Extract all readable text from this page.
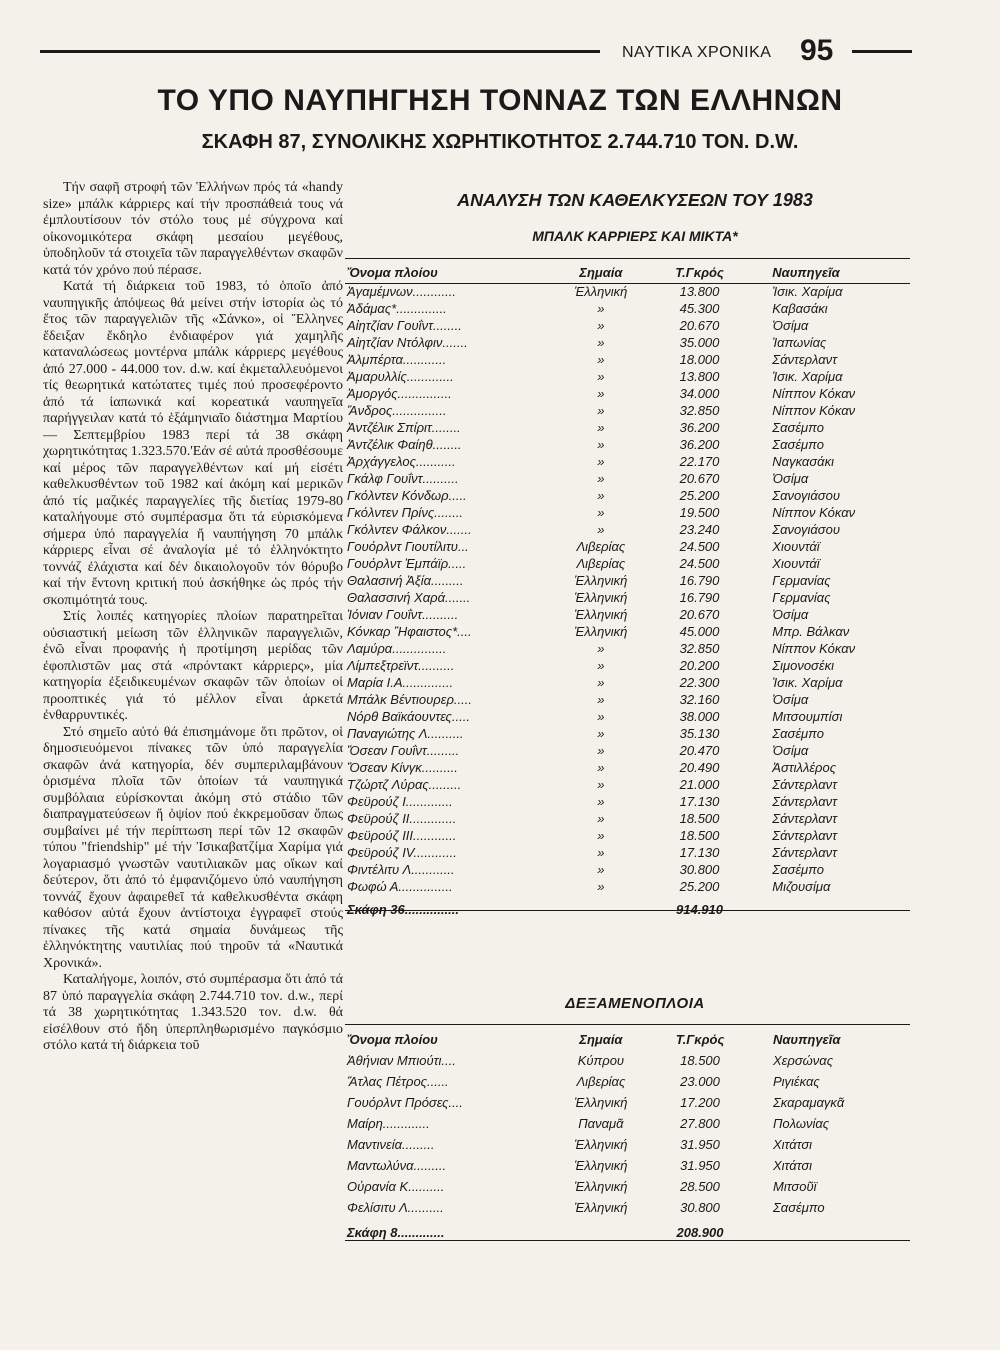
ΝΑΥΤΙΚΑ ΧΡΟΝΙΚΑ 95
ΤΟ ΥΠΟ ΝΑΥΠΗΓΗΣΗ ΤΟΝΝΑΖ ΤΩΝ ΕΛΛΗΝΩΝ
ΣΚΑΦΗ 87, ΣΥΝΟΛΙΚΗΣ ΧΩΡΗΤΙΚΟΤΗΤΟΣ 2.744.710 ΤΟΝ. D.W.

Τήν σαφῆ στροφή τῶν Ἑλλήνων πρός τά «handy size» μπάλκ κάρριερς καί τήν προσπάθειά τους νά ἐμπλουτίσουν τόν στόλο τους μέ σύγχρονα καί οἰκονομικότερα σκάφη μεσαίου μεγέθους, ὑποδηλοῦν τά στοιχεῖα τῶν παραγγελθέντων σκαφῶν κατά τόν χρόνο πού πέρασε.

Κατά τή διάρκεια τοῦ 1983, τό ὁποῖο ἀπό ναυπηγικῆς ἀπόψεως θά μείνει στήν ἱστορία ὡς τό ἔτος τῶν παραγγελιῶν τῆς «Σάνκο», οἱ Ἕλληνες ἔδειξαν ἔκδηλο ἐνδιαφέρον γιά χαμηλῆς καταναλώσεως μοντέρνα μπάλκ κάρριερς μεγέθους ἀπό 27.000 - 44.000 τον. d.w. καί ἐκμεταλλευόμενοι τίς θεωρητικά κατώτατες τιμές πού προσεφέροντο ἀπό τά ἰαπωνικά καί κορεατικά ναυπηγεῖα παρήγγειλαν κατά τό ἑξάμηνιαῖο διάστημα Μαρτίου — Σεπτεμβρίου 1983 περί τά 38 σκάφη χωρητικότητας 1.323.570.'Εάν σέ αὐτά προσθέσουμε καί μέρος τῶν παραγγελθέντων καί μή εἰσέτι καθελκυσθέντων τοῦ 1982 καί ἀκόμη καί μερικῶν ἀπό τίς μαζικές παραγγελίες τῆς διετίας 1979-80 καταλήγουμε στό συμπέρασμα ὅτι τά εὑρισκόμενα σήμερα ὑπό παραγγελία ἤ ναυπήγηση 70 μπάλκ κάρριερς εἶναι σέ ἀναλογία μέ τό ἑλληνόκτητο τοννάζ ἐλάχιστα καί δέν δικαιολογοῦν τόν θόρυβο καί τήν ἔντονη κριτική πού ἀσκήθηκε ὡς πρός τήν σκοπιμότητά τους.

Στίς λοιπές κατηγορίες πλοίων παρατηρεῖται οὐσιαστική μείωση τῶν ἑλληνικῶν παραγγελιῶν, ἐνῶ εἶναι προφανής ἡ προτίμηση μερίδας τῶν ἐφοπλιστῶν μας στά «πρόντακτ κάρριερς», μία κατηγορία ἐξειδικευμένων σκαφῶν τῶν ὁποίων οἱ προοπτικές γιά τό μέλλον εἶναι ἀρκετά ἐνθαρρυντικές.

Στό σημεῖο αὐτό θά ἐπισημάνομε ὅτι πρῶτον, οἱ δημοσιευόμενοι πίνακες τῶν ὑπό παραγγελία σκαφῶν ἀνά κατηγορία, δέν συμπεριλαμβάνουν ὁρισμένα πλοῖα τῶν ὁποίων τά ναυπηγικά συμβόλαια εὑρίσκονται ἀκόμη στό στάδιο τῶν διαπραγματεύσεων ἤ ὁψίον πού ἐκκρεμοῦσαν ὅπως συμβαίνει μέ τήν περίπτωση περί τῶν 12 σκαφῶν τύπου "friendship" μέ τήν Ἰσικαβατζίμα Χαρίμα γιά λογαριασμό γνωστῶν ναυτιλιακῶν μας οἴκων καί δεύτερον, ὅτι ἀπό τό ἐμφανιζόμενο ὑπό ναυπήγηση τοννάζ ἔχουν ἀφαιρεθεῖ τά καθελκυσθέντα σκάφη καθόσον αὐτά ἔχουν ἀντίστοιχα ἐγγραφεῖ στούς πίνακες τῆς κατά σημαία δυνάμεως τῆς ἑλληνόκτητης ναυτιλίας πού τηροῦν τά «Ναυτικά Χρονικά».

Καταλήγομε, λοιπόν, στό συμπέρασμα ὅτι ἀπό τά 87 ὑπό παραγγελία σκάφη 2.744.710 τον. d.w., περί τά 38 χωρητικότητας 1.343.520 τον. d.w. θά εἰσέλθουν στό ἤδη ὑπερπληθωρισμένο παγκόσμιο στόλο κατά τή διάρκεια τοῦ

ΑΝΑΛΥΣΗ ΤΩΝ ΚΑΘΕΛΚΥΣΕΩΝ ΤΟΥ 1983
ΜΠΑΛΚ ΚΑΡΡΙΕΡΣ ΚΑΙ ΜΙΚΤΑ*
Ὄνομα πλοίου	Σημαία	Τ.Γκρός	Ναυπηγεῖα
Ἀγαμέμνων............	Ἑλληνική	13.800	Ἰσικ. Χαρίμα
Ἀδάμας*..............	»	45.300	Καβασάκι
Αἰητζίαν Γουΐντ........	»	20.670	Ὀσίμα
Αἰητζίαν Ντόλφιν.......	»	35.000	Ἰαπωνίας
Ἀλμπέρτα............	»	18.000	Σάντερλαντ
Ἀμαρυλλίς.............	»	13.800	Ἰσικ. Χαρίμα
Ἀμοργός...............	»	34.000	Νίππον Κόκαν
Ἄνδρος...............	»	32.850	Νίππον Κόκαν
Ἀντζέλικ Σπίριτ........	»	36.200	Σασέμπο
Ἀντζέλικ Φαίηθ........	»	36.200	Σασέμπο
Ἀρχάγγελος...........	»	22.170	Ναγκασάκι
Γκάλφ Γουΐντ..........	»	20.670	Ὀσίμα
Γκόλντεν Κόνδωρ.....	»	25.200	Σανογιάσου
Γκόλντεν Πρίνς........	»	19.500	Νίππον Κόκαν
Γκόλντεν Φάλκον.......	»	23.240	Σανογιάσου
Γουόρλντ Γιουτίλιτυ...	Λιβερίας	24.500	Χιουντάϊ
Γουόρλντ Ἐμπάϊρ.....	Λιβερίας	24.500	Χιουντάϊ
Θαλασινή Ἀξία.........	Ἑλληνική	16.790	Γερμανίας
Θαλασσινή Χαρά.......	Ἑλληνική	16.790	Γερμανίας
Ἰόνιαν Γουΐντ..........	Ἑλληνική	20.670	Ὀσίμα
Κόνκαρ Ἥφαιστος*....	Ἑλληνική	45.000	Μπρ. Βάλκαν
Λαμύρα...............	»	32.850	Νίππον Κόκαν
Λίμπεξτρεϊντ..........	»	20.200	Σιμονοσέκι
Μαρία Ι.Α..............	»	22.300	Ἰσικ. Χαρίμα
Μπάλκ Βέντιουρερ.....	»	32.160	Ὀσίμα
Νόρθ Βαϊκάουντες.....	»	38.000	Μιτσουμπίσι
Παναγιώτης Λ..........	»	35.130	Σασέμπο
Ὅσεαν Γουΐντ.........	»	20.470	Ὀσίμα
Ὅσεαν Κίνγκ..........	»	20.490	Ἀστιλλέρος
Τζώρτζ Λύρας.........	»	21.000	Σάντερλαντ
Φεϋρούζ Ι.............	»	17.130	Σάντερλαντ
Φεϋρούζ ΙΙ.............	»	18.500	Σάντερλαντ
Φεϋρούζ ΙΙΙ............	»	18.500	Σάντερλαντ
Φεϋρούζ ΙV............	»	17.130	Σάντερλαντ
Φιντέλιτυ Λ............	»	30.800	Σασέμπο
Φωφώ Α...............	»	25.200	Μιζουσίμα
Σκάφη 36...............		914.910	
ΔΕΞΑΜΕΝΟΠΛΟΙΑ
Ὄνομα πλοίου	Σημαία	Τ.Γκρός	Ναυπηγεῖα
Ἀθήνιαν Μπιούτι....	Κύπρου	18.500	Χερσώνας
Ἄτλας Πέτρος......	Λιβερίας	23.000	Ριγιέκας
Γουόρλντ Πρόσες....	Ἑλληνική	17.200	Σκαραμαγκᾶ
Μαίρη.............	Παναμᾶ	27.800	Πολωνίας
Μαντινεία.........	Ἑλληνική	31.950	Χιτάτσι
Μαντωλύνα.........	Ἑλληνική	31.950	Χιτάτσι
Οὐρανία Κ..........	Ἑλληνική	28.500	Μιτσοῦϊ
Φελίσιτυ Λ..........	Ἑλληνική	30.800	Σασέμπο
Σκάφη 8.............		208.900	
